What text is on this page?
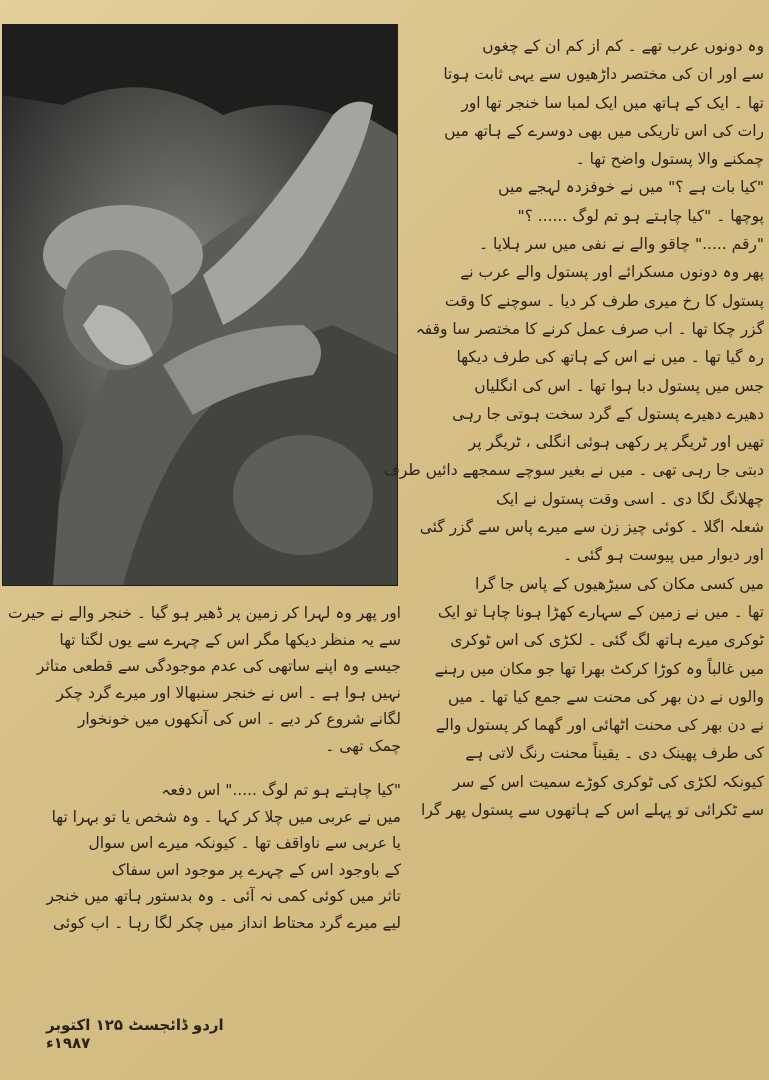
وہ دونوں عرب تھے ۔ کم از کم ان کے چغوں
سے اور ان کی مختصر داڑھیوں سے یہی ثابت ہوتا
تھا ۔ ایک کے ہاتھ میں ایک لمبا سا خنجر تھا اور
رات کی اس تاریکی میں بھی دوسرے کے ہاتھ میں
چمکنے والا پستول واضح تھا ۔
"کیا بات ہے ؟" میں نے خوفزدہ لہجے میں
پوچھا ۔ "کیا چاہتے ہو تم لوگ ...... ؟"
"رقم ....." چاقو والے نے نفی میں سر ہلایا ۔
پھر وہ دونوں مسکرائے اور پستول والے عرب نے
پستول کا رخ میری طرف کر دیا ۔ سوچنے کا وقت
گزر چکا تھا ۔ اب صرف عمل کرنے کا مختصر سا وقفہ
رہ گیا تھا ۔ میں نے اس کے ہاتھ کی طرف دیکھا
جس میں پستول دبا ہوا تھا ۔ اس کی انگلیاں
دھیرے دھیرے پستول کے گرد سخت ہوتی جا رہی
تھیں اور ٹریگر پر رکھی ہوئی انگلی ، ٹریگر پر
دبتی جا رہی تھی ۔ میں نے بغیر سوچے سمجھے دائیں طرف
چھلانگ لگا دی ۔ اسی وقت پستول نے ایک
شعلہ اگلا ۔ کوئی چیز زن سے میرے پاس سے گزر گئی
اور دیوار میں پیوست ہو گئی ۔
میں کسی مکان کی سیڑھیوں کے پاس جا گرا
تھا ۔ میں نے زمین کے سہارے کھڑا ہونا چاہا تو ایک
ٹوکری میرے ہاتھ لگ گئی ۔ لکڑی کی اس ٹوکری
میں غالباً وہ کوڑا کرکٹ بھرا تھا جو مکان میں رہنے
والوں نے دن بھر کی محنت سے جمع کیا تھا ۔ میں
نے دن بھر کی محنت اٹھائی اور گھما کر پستول والے
کی طرف پھینک دی ۔ یقیناً محنت رنگ لاتی ہے
کیونکہ لکڑی کی ٹوکری کوڑے سمیت اس کے سر
سے ٹکرائی تو پہلے اس کے ہاتھوں سے پستول پھر گرا

اور پھر وہ لہرا کر زمین پر ڈھیر ہو گیا ۔ خنجر والے نے حیرت
سے یہ منظر دیکھا مگر اس کے چہرے سے یوں لگتا تھا
جیسے وہ اپنے ساتھی کی عدم موجودگی سے قطعی متاثر
نہیں ہوا ہے ۔ اس نے خنجر سنبھالا اور میرے گرد چکر
لگانے شروع کر دیے ۔ اس کی آنکھوں میں خونخوار
چمک تھی ۔

"کیا چاہتے ہو تم لوگ ....." اس دفعہ
میں نے عربی میں چلا کر کہا ۔ وہ شخص یا تو بہرا تھا
یا عربی سے ناواقف تھا ۔ کیونکہ میرے اس سوال
کے باوجود اس کے چہرے پر موجود اس سفاک
تاثر میں کوئی کمی نہ آئی ۔ وہ بدستور ہاتھ میں خنجر
لیے میرے گرد محتاط انداز میں چکر لگا رہا ۔ اب کوئی

اردو ڈائجسٹ ۱۲۵ اکتوبر ۱۹۸۷ء
